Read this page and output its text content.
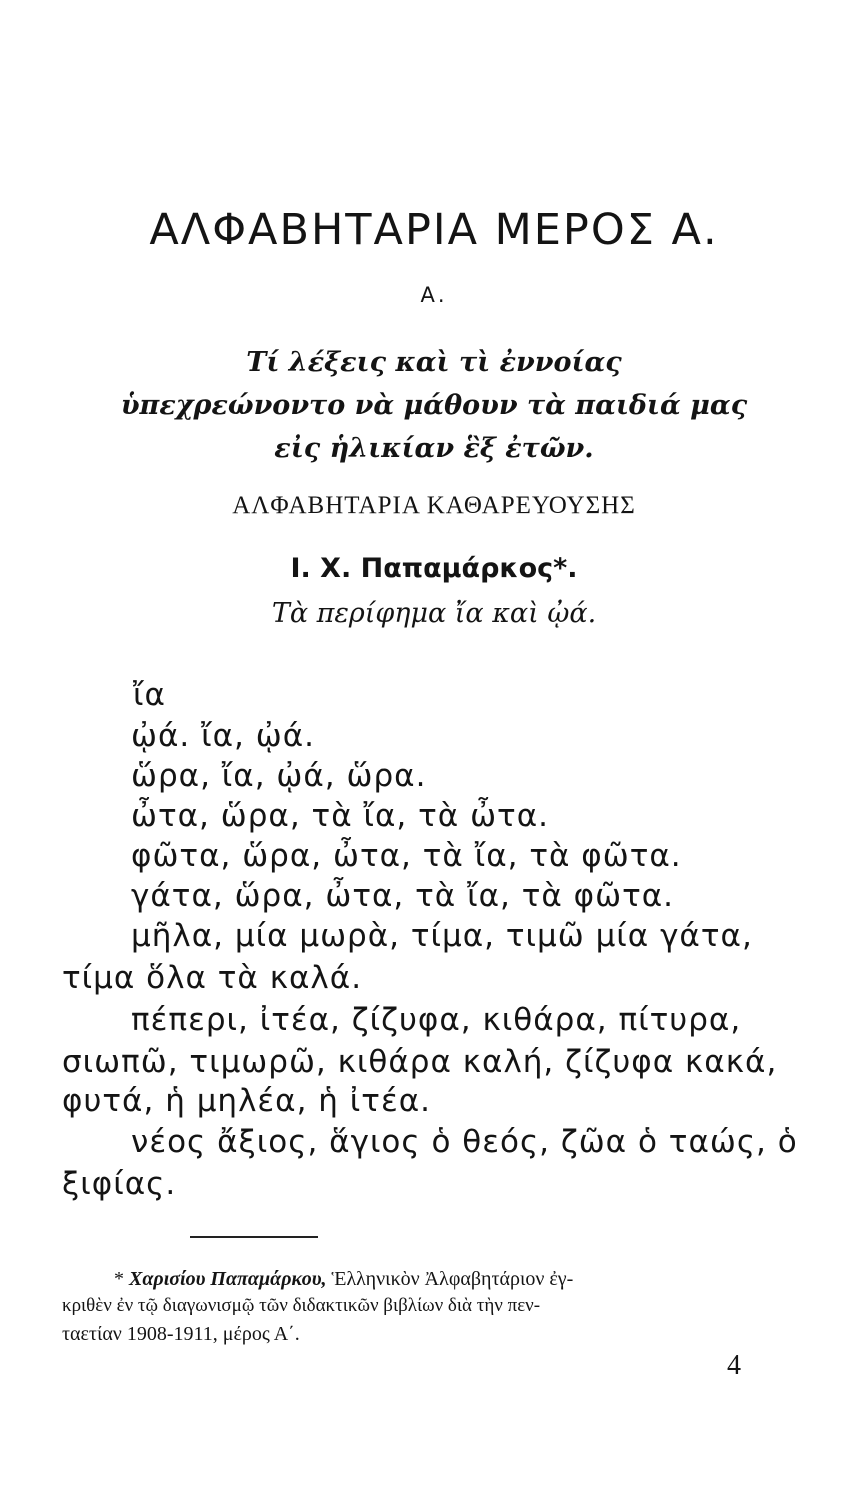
ΑΛΦΑΒΗΤΑΡΙΑ ΜΕΡΟΣ Α.
Α.
Τί λέξεις καὶ τὶ ἐννοίας
ὑπεχρεώνοντο νὰ μάθουν τὰ παιδιά μας
εἰς ἡλικίαν ἓξ ἐτῶν.
ΑΛΦΑΒΗΤΑΡΙΑ ΚΑΘΑΡΕΥΟΥΣΗΣ
Ι. Χ. Παπαμάρκος*.
Τὰ περίφημα ἴα καὶ ᾠά.
ἴα
ᾠά. ἴα, ᾠά.
ὥρα, ἴα, ᾠά, ὥρα.
ὦτα, ὥρα, τὰ ἴα, τὰ ὦτα.
φῶτα, ὥρα, ὦτα, τὰ ἴα, τὰ φῶτα.
γάτα, ὥρα, ὦτα, τὰ ἴα, τὰ φῶτα.
μῆλα, μία μωρὰ, τίμα, τιμῶ μία γάτα,
τίμα ὅλα τὰ καλά.
πέπερι, ἰτέα, ζίζυφα, κιθάρα, πίτυρα,
σιωπῶ, τιμωρῶ, κιθάρα καλή, ζίζυφα κακά,
φυτά, ἡ μηλέα, ἡ ἰτέα.
νέος ἄξιος, ἅγιος ὁ θεός, ζῶα ὁ ταώς, ὁ
ξιφίας.
* Χαρισίου Παπαμάρκου, Ἑλληνικὸν Ἀλφαβητάριον ἐγ-
κριθὲν ἐν τῷ διαγωνισμῷ τῶν διδακτικῶν βιβλίων διὰ τὴν πεν-
ταετίαν 1908-1911, μέρος Α΄.
4
